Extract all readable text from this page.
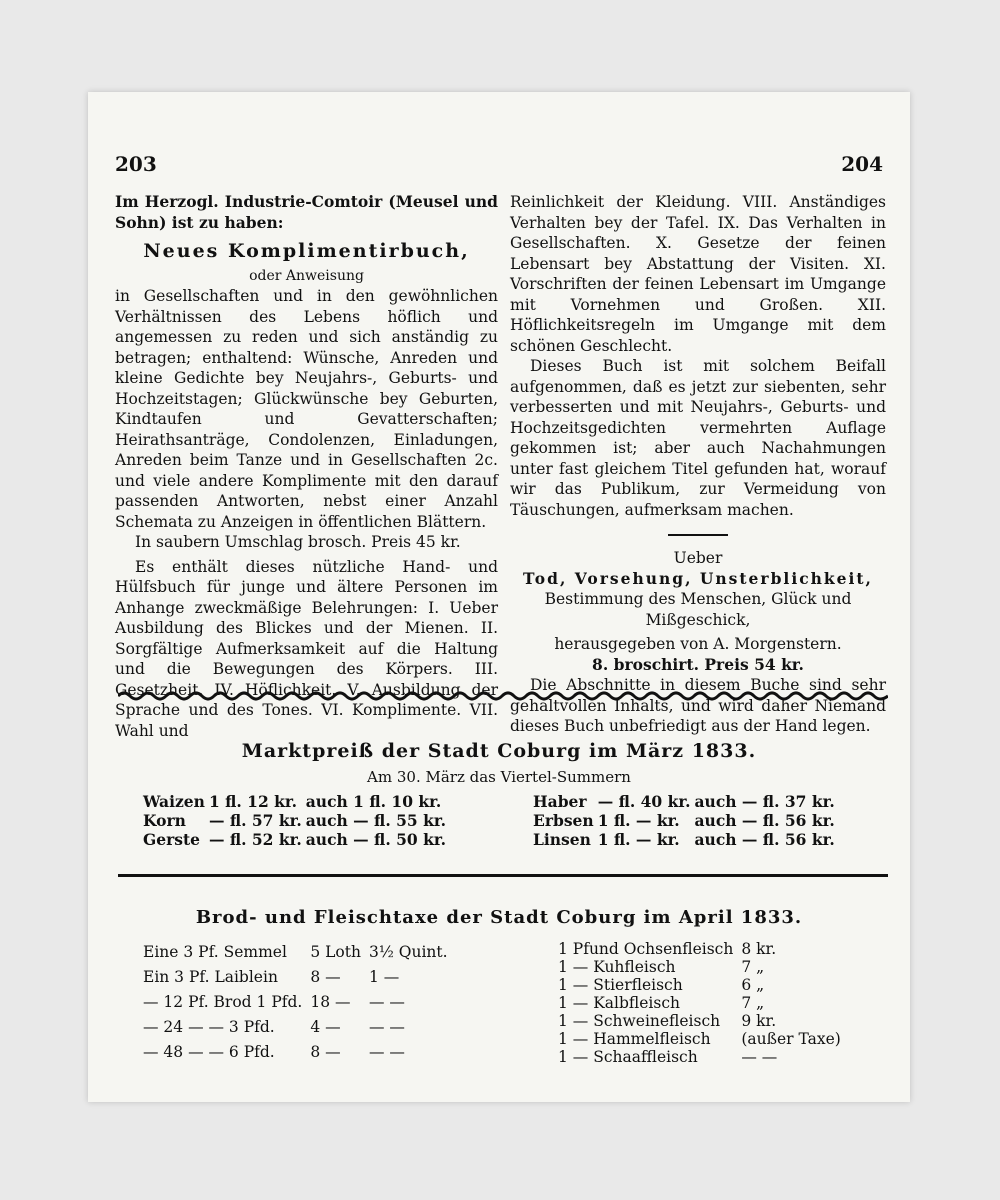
203	204

Im Herzogl. Industrie-Comtoir (Meusel und Sohn) ist zu haben:

Neues Komplimentirbuch,

oder Anweisung

in Gesellschaften und in den gewöhnlichen Verhältnissen des Lebens höflich und angemessen zu reden und sich anständig zu betragen; enthaltend: Wünsche, Anreden und kleine Gedichte bey Neujahrs-, Geburts- und Hochzeitstagen; Glückwünsche bey Geburten, Kindtaufen und Gevatterschaften; Heirathsanträge, Condolenzen, Einladungen, Anreden beim Tanze und in Gesellschaften 2c. und viele andere Komplimente mit den darauf passenden Antworten, nebst einer Anzahl Schemata zu Anzeigen in öffentlichen Blättern.

In saubern Umschlag brosch. Preis 45 kr.

Es enthält dieses nützliche Hand- und Hülfsbuch für junge und ältere Personen im Anhange zweckmäßige Belehrungen: I. Ueber Ausbildung des Blickes und der Mienen. II. Sorgfältige Aufmerksamkeit auf die Haltung und die Bewegungen des Körpers. III. Gesetzheit. IV. Höflichkeit. V. Ausbildung der Sprache und des Tones. VI. Komplimente. VII. Wahl und

Reinlichkeit der Kleidung. VIII. Anständiges Verhalten bey der Tafel. IX. Das Verhalten in Gesellschaften. X. Gesetze der feinen Lebensart bey Abstattung der Visiten. XI. Vorschriften der feinen Lebensart im Umgange mit Vornehmen und Großen. XII. Höflichkeitsregeln im Umgange mit dem schönen Geschlecht.

Dieses Buch ist mit solchem Beifall aufgenommen, daß es jetzt zur siebenten, sehr verbesserten und mit Neujahrs-, Geburts- und Hochzeitsgedichten vermehrten Auflage gekommen ist; aber auch Nachahmungen unter fast gleichem Titel gefunden hat, worauf wir das Publikum, zur Vermeidung von Täuschungen, aufmerksam machen.

Ueber

Tod, Vorsehung, Unsterblichkeit,

Bestimmung des Menschen, Glück und Mißgeschick,

herausgegeben von A. Morgenstern.

8. broschirt. Preis 54 kr.

Die Abschnitte in diesem Buche sind sehr gehaltvollen Inhalts, und wird daher Niemand dieses Buch unbefriedigt aus der Hand legen.

Marktpreiß der Stadt Coburg im März 1833.
Am 30. März das Viertel-Summern
Waizen	1 fl. 12 kr.	auch 1 fl. 10 kr.
Korn	— fl. 57 kr.	auch — fl. 55 kr.
Gerste	— fl. 52 kr.	auch — fl. 50 kr.
Haber	— fl. 40 kr.	auch — fl. 37 kr.
Erbsen	1 fl. — kr.	auch — fl. 56 kr.
Linsen	1 fl. — kr.	auch — fl. 56 kr.
Brod- und Fleischtaxe der Stadt Coburg im April 1833.
Eine 3 Pf. Semmel	5 Loth	3½ Quint.
Ein 3 Pf. Laiblein	8 —	1 —
— 12 Pf. Brod 1 Pfd.	18 —	— —
— 24 — — 3 Pfd.	4 —	— —
— 48 — — 6 Pfd.	8 —	— —
1 Pfund Ochsenfleisch	8 kr.
1 — Kuhfleisch	7 „
1 — Stierfleisch	6 „
1 — Kalbfleisch	7 „
1 — Schweinefleisch	9 kr.
1 — Hammelfleisch	(außer Taxe)
1 — Schaaffleisch	— —
